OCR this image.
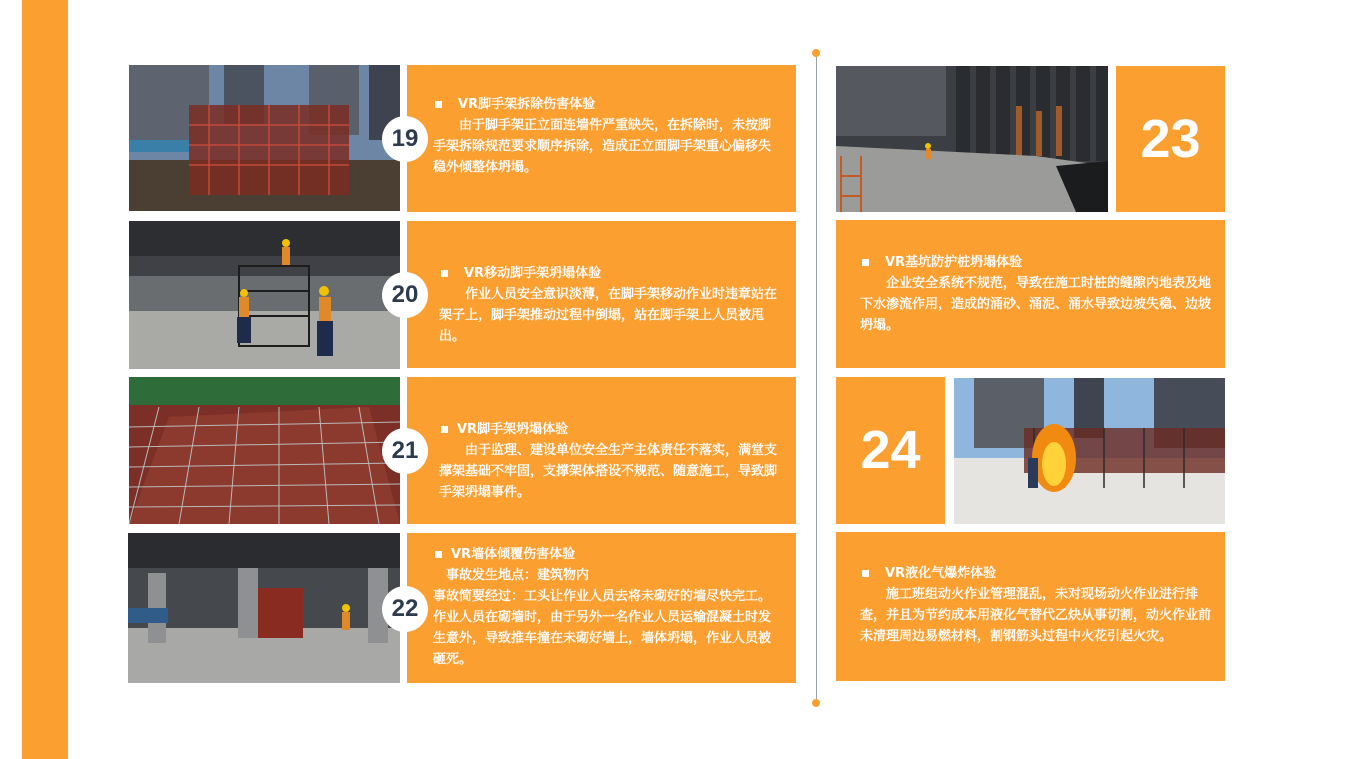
VR脚手架拆除伤害体验

由于脚手架正立面连墙件严重缺失，在拆除时，未按脚手架拆除规范要求顺序拆除，造成正立面脚手架重心偏移失稳外倾整体坍塌。

19
VR移动脚手架坍塌体验

作业人员安全意识淡薄，在脚手架移动作业时违章站在架子上，脚手架推动过程中倒塌，站在脚手架上人员被甩出。

20
VR脚手架坍塌体验

由于监理、建设单位安全生产主体责任不落实，满堂支撑架基础不牢固，支撑架体搭设不规范、随意施工，导致脚手架坍塌事件。

21
VR墙体倾覆伤害体验
事故发生地点：建筑物内
事故简要经过：工头让作业人员去将未砌好的墙尽快完工。作业人员在砌墙时，由于另外一名作业人员运输混凝土时发生意外，导致推车撞在未砌好墙上，墙体坍塌，作业人员被砸死。
22
23
VR基坑防护桩坍塌体验

企业安全系统不规范，导致在施工时桩的缝隙内地表及地下水渗流作用，造成的涌砂、涌泥、涌水导致边坡失稳、边坡坍塌。

24
VR液化气爆炸体验

施工班组动火作业管理混乱，未对现场动火作业进行排查，并且为节约成本用液化气替代乙炔从事切割，动火作业前未清理周边易燃材料，割钢筋头过程中火花引起火灾。
